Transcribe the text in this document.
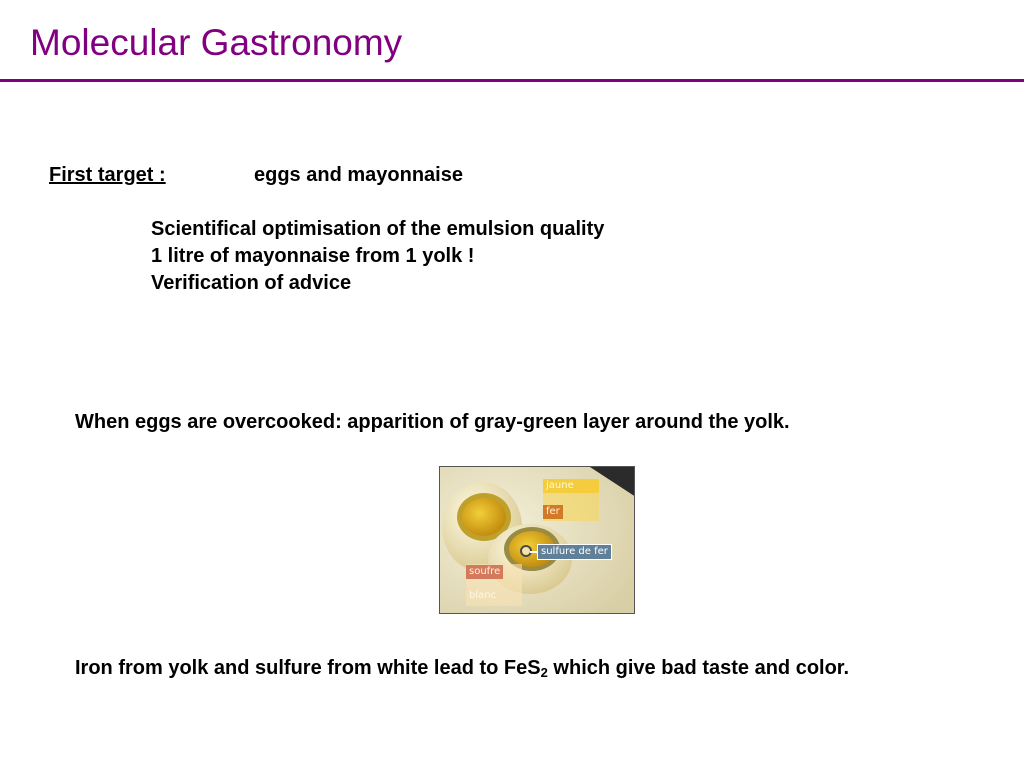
Molecular Gastronomy
First target :	eggs and mayonnaise
Scientifical optimisation of the emulsion quality
1 litre of mayonnaise from 1 yolk !
Verification of advice
When eggs are overcooked: apparition of gray-green layer around the yolk.
jaune
fer
sulfure de fer
soufre
blanc
Iron from yolk and sulfure from white lead to FeS$_2$ which give bad taste and color.
